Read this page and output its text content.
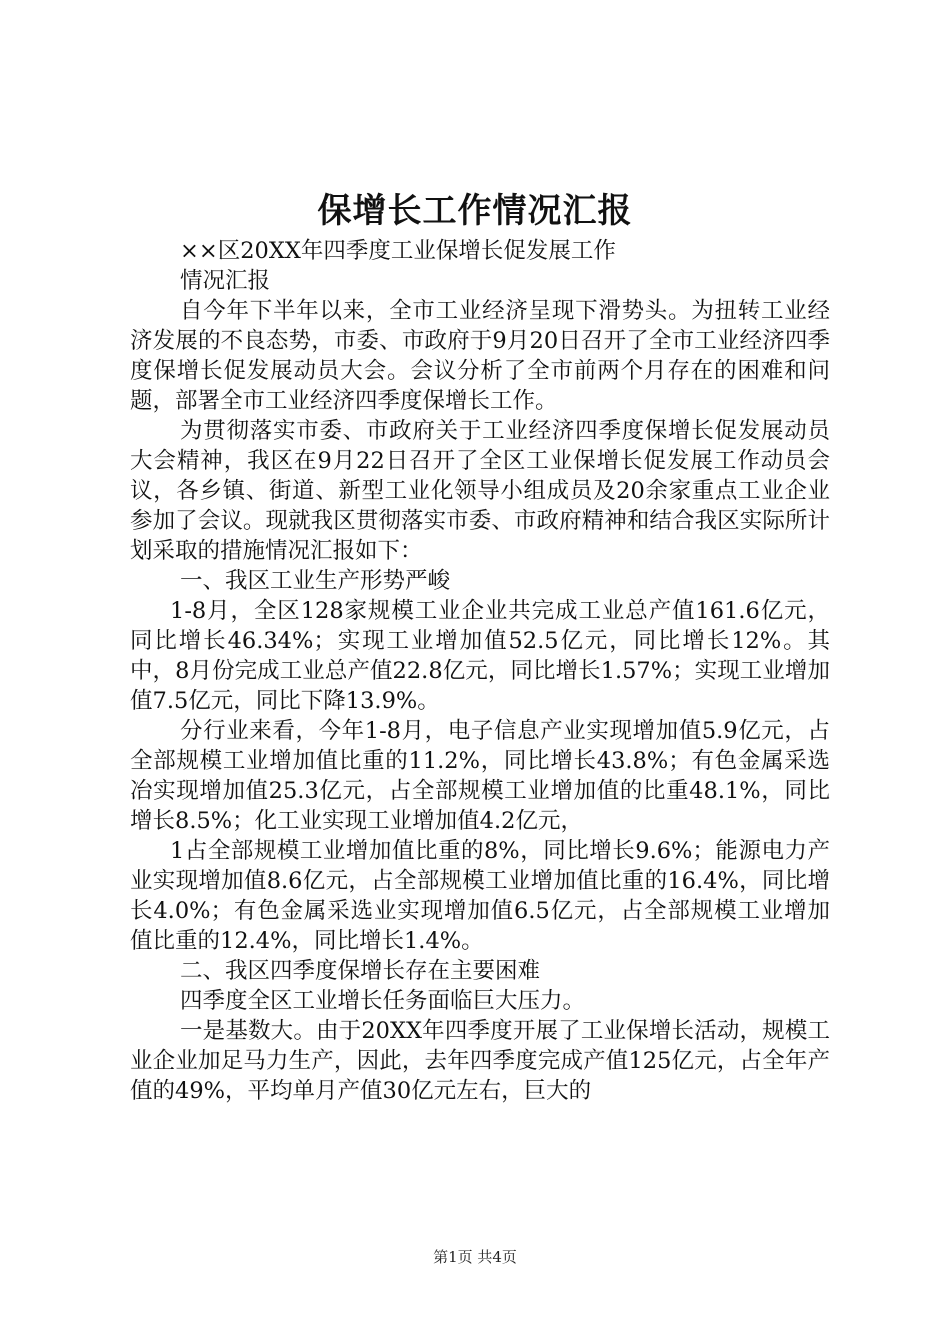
保增长工作情况汇报

××区20XX年四季度工业保增长促发展工作

情况汇报

自今年下半年以来，全市工业经济呈现下滑势头。为扭转工业经济发展的不良态势，市委、市政府于9月20日召开了全市工业经济四季度保增长促发展动员大会。会议分析了全市前两个月存在的困难和问题，部署全市工业经济四季度保增长工作。

为贯彻落实市委、市政府关于工业经济四季度保增长促发展动员大会精神，我区在9月22日召开了全区工业保增长促发展工作动员会议，各乡镇、街道、新型工业化领导小组成员及20余家重点工业企业参加了会议。现就我区贯彻落实市委、市政府精神和结合我区实际所计划采取的措施情况汇报如下：

一、我区工业生产形势严峻

1-8月，全区128家规模工业企业共完成工业总产值161.6亿元，同比增长46.34%；实现工业增加值52.5亿元，同比增长12%。其中，8月份完成工业总产值22.8亿元，同比增长1.57%；实现工业增加值7.5亿元，同比下降13.9%。

分行业来看，今年1-8月，电子信息产业实现增加值5.9亿元，占全部规模工业增加值比重的11.2%，同比增长43.8%；有色金属采选冶实现增加值25.3亿元，占全部规模工业增加值的比重48.1%，同比增长8.5%；化工业实现工业增加值4.2亿元，

1占全部规模工业增加值比重的8%，同比增长9.6%；能源电力产业实现增加值8.6亿元，占全部规模工业增加值比重的16.4%，同比增长4.0%；有色金属采选业实现增加值6.5亿元，占全部规模工业增加值比重的12.4%，同比增长1.4%。

二、我区四季度保增长存在主要困难

四季度全区工业增长任务面临巨大压力。

一是基数大。由于20XX年四季度开展了工业保增长活动，规模工业企业加足马力生产，因此，去年四季度完成产值125亿元，占全年产值的49%，平均单月产值30亿元左右，巨大的

第1页 共4页
